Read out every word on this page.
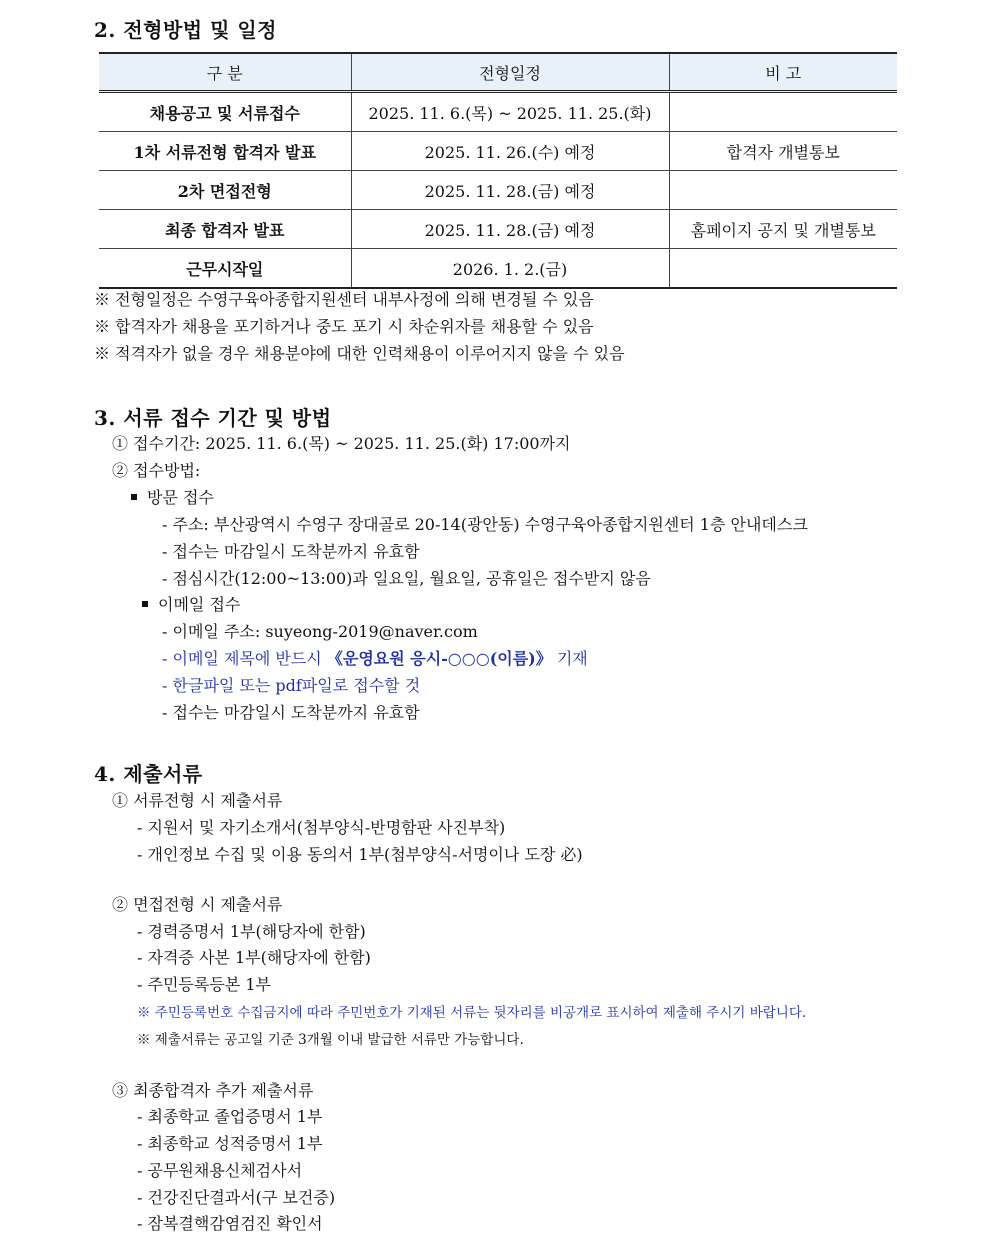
2. 전형방법 및 일정
구 분	전형일정	비 고
채용공고 및 서류접수	2025. 11. 6.(목) ~ 2025. 11. 25.(화)	
1차 서류전형 합격자 발표	2025. 11. 26.(수) 예정	합격자 개별통보
2차 면접전형	2025. 11. 28.(금) 예정	
최종 합격자 발표	2025. 11. 28.(금) 예정	홈페이지 공지 및 개별통보
근무시작일	2026. 1. 2.(금)	
※ 전형일정은 수영구육아종합지원센터 내부사정에 의해 변경될 수 있음
※ 합격자가 채용을 포기하거나 중도 포기 시 차순위자를 채용할 수 있음
※ 적격자가 없을 경우 채용분야에 대한 인력채용이 이루어지지 않을 수 있음
3. 서류 접수 기간 및 방법
① 접수기간: 2025. 11. 6.(목) ~ 2025. 11. 25.(화) 17:00까지
② 접수방법:
방문 접수
- 주소: 부산광역시 수영구 장대골로 20-14(광안동) 수영구육아종합지원센터 1층 안내데스크
- 접수는 마감일시 도착분까지 유효함
- 점심시간(12:00~13:00)과 일요일, 월요일, 공휴일은 접수받지 않음
이메일 접수
- 이메일 주소: suyeong-2019@naver.com
- 이메일 제목에 반드시 《운영요원 응시-○○○(이름)》 기재
- 한글파일 또는 pdf파일로 접수할 것
- 접수는 마감일시 도착분까지 유효함
4. 제출서류
① 서류전형 시 제출서류
- 지원서 및 자기소개서(첨부양식-반명함판 사진부착)
- 개인정보 수집 및 이용 동의서 1부(첨부양식-서명이나 도장 必)
② 면접전형 시 제출서류
- 경력증명서 1부(해당자에 한함)
- 자격증 사본 1부(해당자에 한함)
- 주민등록등본 1부
※ 주민등록번호 수집금지에 따라 주민번호가 기재된 서류는 뒷자리를 비공개로 표시하여 제출해 주시기 바랍니다.
※ 제출서류는 공고일 기준 3개월 이내 발급한 서류만 가능합니다.
③ 최종합격자 추가 제출서류
- 최종학교 졸업증명서 1부
- 최종학교 성적증명서 1부
- 공무원채용신체검사서
- 건강진단결과서(구 보건증)
- 잠복결핵감염검진 확인서
